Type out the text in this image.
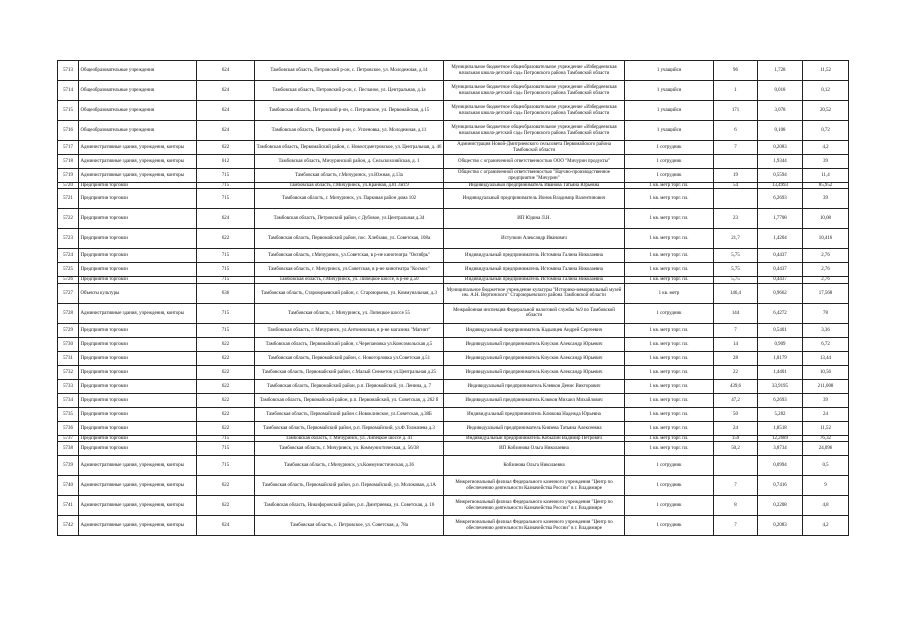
5713	Общеобразовательные учреждения	624	Тамбовская область, Петровский р-он, с. Петровское, ул. Молодежная, д.14	Муниципальное бюджетное общеобразовательное учреждение «Избердеевская начальная школа-детский сад» Петровского района Тамбовской области	1 учащийся	96	1,728	11,52
5714	Общеобразовательные учреждения	624	Тамбовская область, Петровский р-он, с. Песчаное, ул. Центральная, д.1а	Муниципальное бюджетное общеобразовательное учреждение «Избердеевская начальная школа-детский сад» Петровского района Тамбовской области	1 учащийся	1	0,018	0,12
5715	Общеобразовательные учреждения	624	Тамбовская область, Петровский р-он, с. Петровское, ул. Первомайская, д.15	Муниципальное бюджетное общеобразовательное учреждение «Избердеевская начальная школа-детский сад» Петровского района Тамбовской области	1 учащийся	171	3,078	20,52
5716	Общеобразовательные учреждения	624	Тамбовская область, Петровский р-он, с. Успеновка, ул. Молодежная, д.11	Муниципальное бюджетное общеобразовательное учреждение «Избердеевская начальная школа-детский сад» Петровского района Тамбовской области	1 учащийся	6	0,108	0,72
5717	Административные здания, учреждения, конторы	622	Тамбовская область, Первомайский район, с. Новоотдметровское, ул. Центральная, д. 46	Администрация Новой-Дмитриевского сельсовета Первомайского района Тамбовской области	1 сотрудник	7	0,2083	4,2
5718	Административные здания, учреждения, конторы	612	Тамбовская область, Мичуринский район, д. Сельскохозяйская, д. 1	Общество с ограниченной ответственностью ООО "Мичурин продукты"	1 сотрудник		1,9344	39
5719	Административные здания, учреждения, конторы	715	Тамбовская область, г.Мичуринск, ул.Южная, д.13а	Общество с ограниченной ответственностью "Научно-производственное предприятие "Мичурин"	1 сотрудник	19	0,5594	11,4
5720	Предприятия торговли	715	Тамбовская область, г.Мичуринск, ул.Кранная, д.81 лит.9	Индивидуальный предприниматель Иванова Татьяна Юрьевна	1 кв. метр торг. пл.	54	13,4993	85,952
5721	Предприятия торговли	715	Тамбовская область, г. Мичуринск, ул. Парковая район дома 102	Индивидуальный предприниматель Ионов Владимир Валентинович	1 кв. метр торг. пл.		6,2693	39
5722	Предприятия торговли	624	Тамбовская область, Петровский район, с Дубовое, ул.Центральная д.34	ИП Юдина Л.Н.	1 кв. метр торг. пл.	23	1,7708	10,08
5723	Предприятия торговли	622	Тамбовская область, Первомайский район, пос. Хлебзаво, ул. Советская, 108а	Иступкин Александр Иванович	1 кв. метр торг. пл.	21,7	1,4204	10,416
5724	Предприятия торговли	715	Тамбовская область, г.Мичуринск, ул.Советская, в р-не кинотеатра "Октябрь"	Индивидуальный предприниматель Истомина Галина Николаевна	1 кв. метр торг. пл.	5,75	0,4437	2,76
5725	Предприятия торговли	715	Тамбовская область, г. Мичуринск, ул.Советская, в р-не кинотеатра "Космос"	Индивидуальный предприниматель Истомина Галина Николаевна	1 кв. метр торг. пл.	5,75	0,4437	2,76
5726	Предприятия торговли	715	Тамбовская область, г.Мичуринск, ул. Липецкое шоссе, в р-не д.50	Индивидуальный предприниматель Истомина Галина Николаевна	1 кв. метр торг. пл.	5,75	0,4437	2,76
5727	Объекты культуры	636	Тамбовская область, Староюрьевский район, с. Староюрьево, ул. Коммунальная, д.3	Муниципальное бюджетное учреждение культуры "Историко-мемориальный музей им. А.Н. Вертинского" Староюрьевского района Тамбовской области	1 кв. метр	146,4	0,9662	17,568
5728	Административные здания, учреждения, конторы	715	Тамбовская область, г. Мичуринск, ул. Липецкое шоссе 55	Межрайонная инспекция Федеральной налоговой службы №9 по Тамбовской области	1 сотрудник	144	6,4272	78
5729	Предприятия торговли	715	Тамбовская область, г. Мичуринск, ул.Антоновская, в р-не магазина "Магнит"	Индивидуальный предприниматель Кадынцев Андрей Сергеевич	1 кв. метр торг. пл.	7	0,5401	3,36
5730	Предприятия торговли	622	Тамбовская область, Первомайский район, с.Черепановка ул.Комсомольская д.5	Индивидуальный предприниматель Киусков Александр Юрьевич	1 кв. метр торг. пл.	14	0,909	6,72
5731	Предприятия торговли	622	Тамбовская область, Первомайский район, с. Новогорловка ул.Советская д.51	Индивидуальный предприниматель Киусков Александр Юрьевич	1 кв. метр торг. пл.	28	1,8179	13,44
5732	Предприятия торговли	622	Тамбовская область, Первомайский район, с.Малый Снежеток ул.Центральная д.25	Индивидуальный предприниматель Киусков Александр Юрьевич	1 кв. метр торг. пл.	22	1,4401	10,56
5733	Предприятия торговли	622	Тамбовская область, Первомайский район, р.п. Первомайский, ул. Ленина, д. 7	Индивидуальный предприниматель Клевков Денис Викторович	1 кв. метр торг. пл.	439,6	33,9195	211,008
5734	Предприятия торговли	622	Тамбовская область, Первомайский район, р.п. Первомайский, ул. Советская, д. 262 б	Индивидуальный предприниматель Клюков Михаил Михайлович	1 кв. метр торг. пл.	47,2	6,2693	39
5735	Предприятия торговли	622	Тамбовская область, Первомайский район с.Новоклинское, ул.Советская, д.38Б	Индивидуальный предприниматель Клюкова Надежда Юрьевна	1 кв. метр торг. пл.	50	5,282	24
5736	Предприятия торговли	622	Тамбовская область, Первомайский район, р.п. Первомайский, ул.Ф.Толмачева д.3	Индивидуальный предприниматель Князева Татьяна Алексеевна	1 кв. метр торг. пл.	24	1,8518	11,52
5737	Предприятия торговли	715	Тамбовская область, г. Мичуринск, ул. Липецкое шоссе д. 41	Индивидуальный предприниматель Кобылин Вадимир Петрович	1 кв. метр торг. пл.	159	12,2689	76,32
5738	Предприятия торговли	715	Тамбовская область, г. Мичуринск, ул. Коммунистическая, д. 56/38	ИП Кобзинова Ольга Николаевна	1 кв. метр торг. пл.	50,2	3,8734	24,096
5739	Административные здания, учреждения, конторы	715	Тамбовская область, г.Мичуринск, ул.Коммунистическая, д.36	Кобзинова Ольга Николаевна	1 сотрудник		0,0994	0,5
5740	Административные здания, учреждения, конторы	622	Тамбовская область, Первомайский район, р.п. Первомайский, ул. Молоковая, д.1А	Межрегиональный филиал Федерального казенного учреждения "Центр по обеспечению деятельности Казначейства России" в г. Владимире	1 сотрудник	7	0,7416	9
5741	Административные здания, учреждения, конторы	622	Тамбовская область, Никифоровский район, р.п. Дмитриевка, ул. Советская, д. 16	Межрегиональный филиал Федерального казенного учреждения "Центр по обеспечению деятельности Казначейства России" в г. Владимире	1 сотрудник	8	0,2208	4,8
5742	Административные здания, учреждения, конторы	624	Тамбовская область, с. Петровское, ул. Советская, д. 78а	Межрегиональный филиал Федерального казенного учреждения "Центр по обеспечению деятельности Казначейства России" в г. Владимире	1 сотрудник	7	0,2083	4,2
